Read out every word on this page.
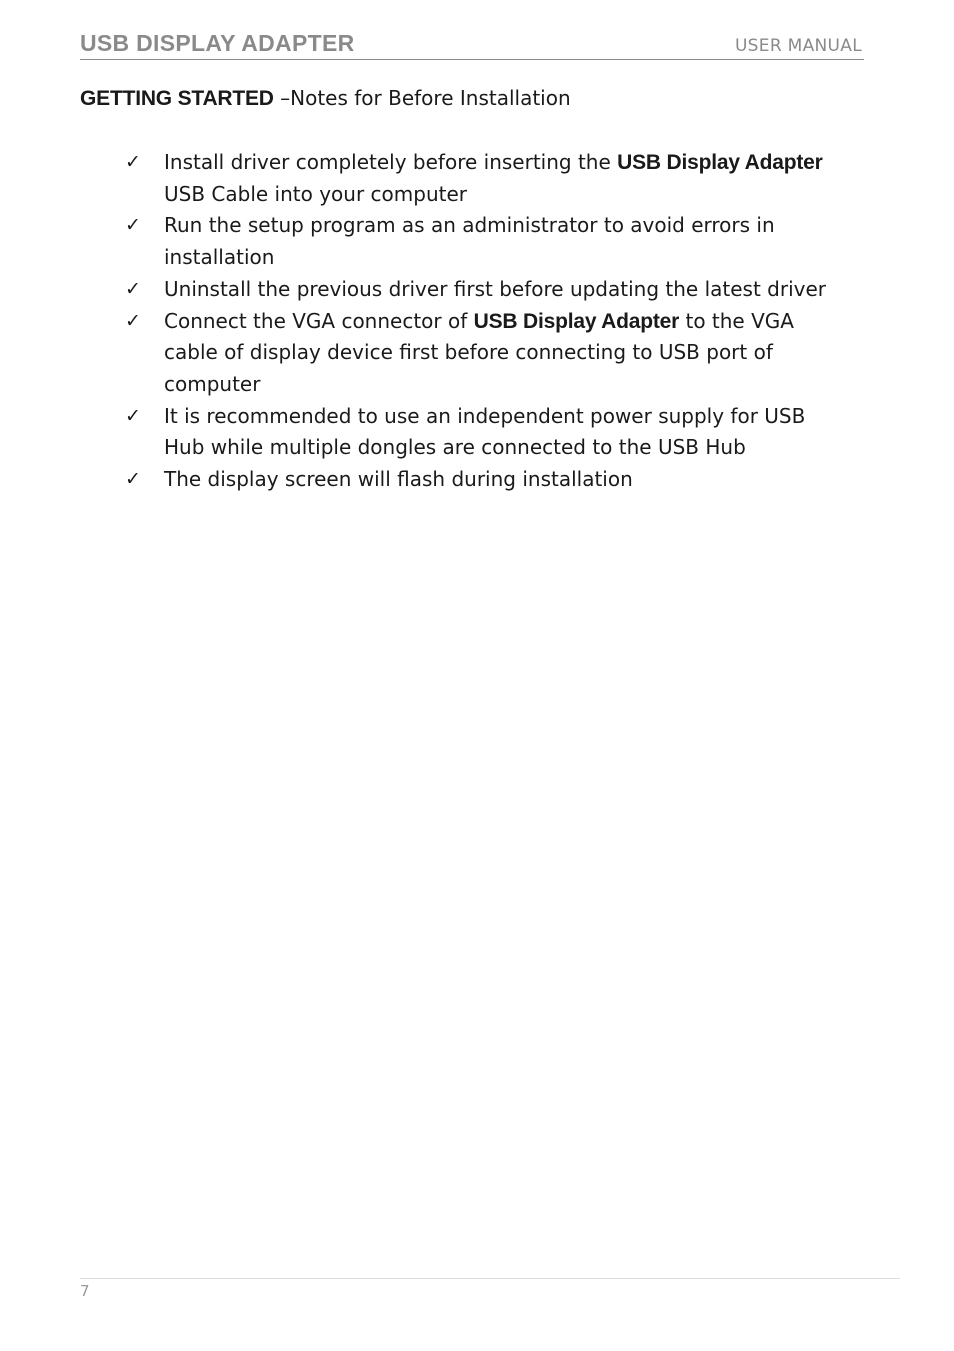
USB DISPLAY ADAPTER	USER MANUAL
GETTING STARTED –Notes for Before Installation
✓ Install driver completely before inserting the USB Display Adapter
USB Cable into your computer
✓ Run the setup program as an administrator to avoid errors in
installation
✓ Uninstall the previous driver first before updating the latest driver
✓ Connect the VGA connector of USB Display Adapter to the VGA
cable of display device first before connecting to USB port of
computer
✓ It is recommended to use an independent power supply for USB
Hub while multiple dongles are connected to the USB Hub
✓ The display screen will flash during installation
7
